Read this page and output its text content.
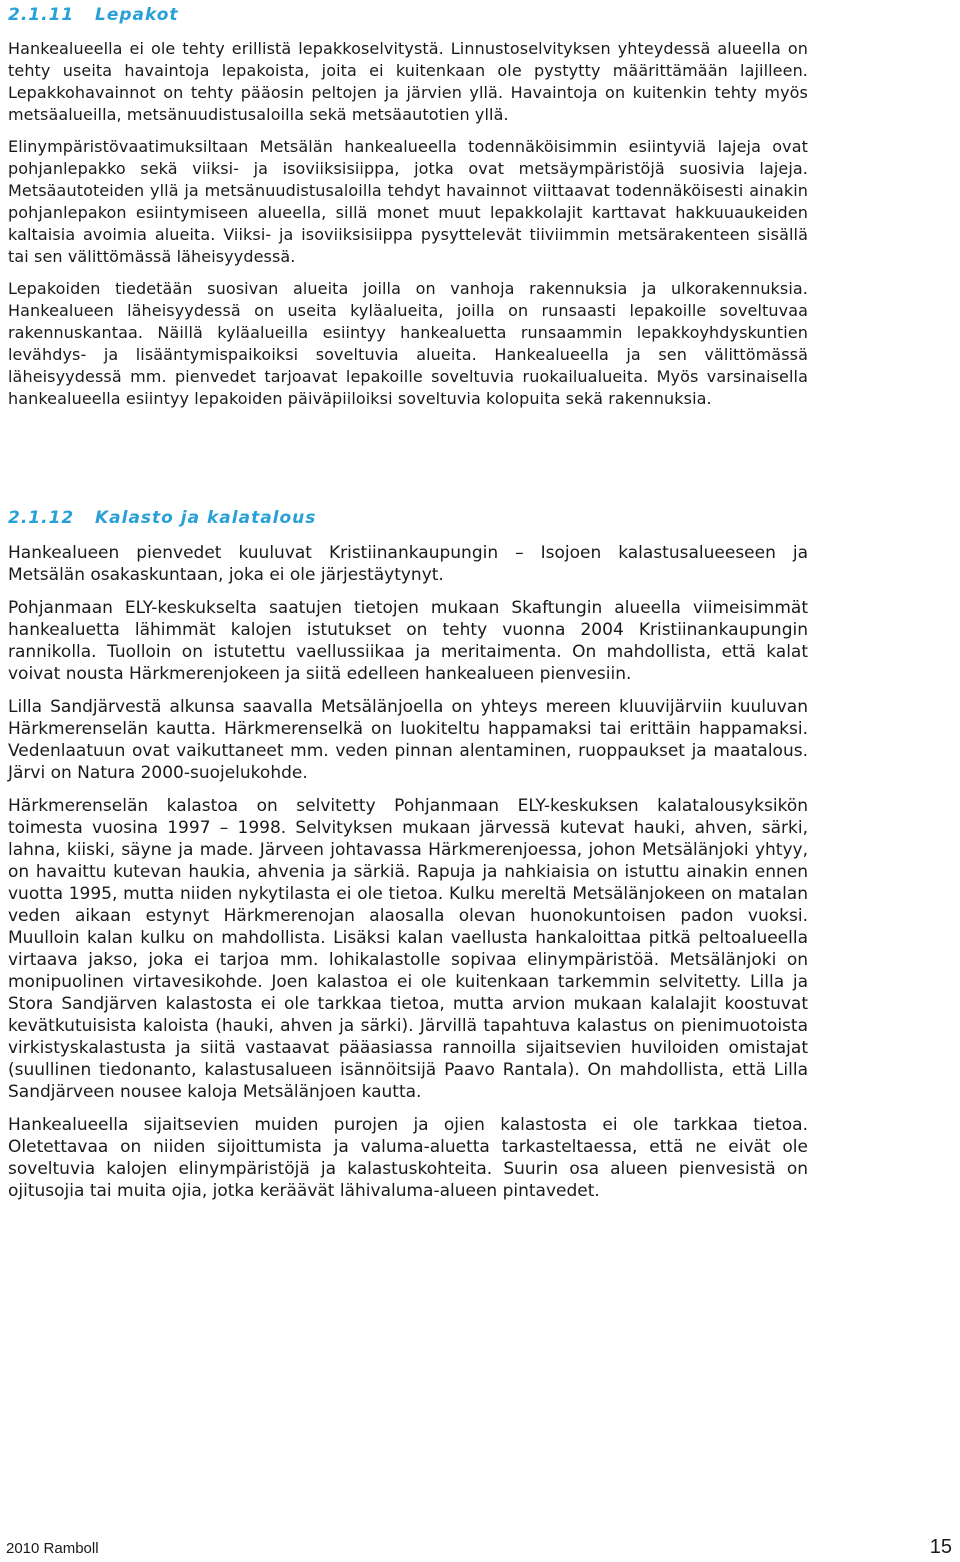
2.1.11   Lepakot

Hankealueella ei ole tehty erillistä lepakkoselvitystä. Linnustoselvityksen yhteydessä alueella on tehty useita havaintoja lepakoista, joita ei kuitenkaan ole pystytty määrittämään lajilleen. Lepakkohavainnot on tehty pääosin peltojen ja järvien yllä. Havaintoja on kuitenkin tehty myös metsäalueilla, metsänuudistusaloilla sekä metsäautotien yllä.

Elinympäristövaatimuksiltaan Metsälän hankealueella todennäköisimmin esiintyviä lajeja ovat pohjanlepakko sekä viiksi- ja isoviiksisiippa, jotka ovat metsäympäristöjä suosivia lajeja. Metsäautoteiden yllä ja metsänuudistusaloilla tehdyt havainnot viittaavat todennäköisesti ainakin pohjanlepakon esiintymiseen alueella, sillä monet muut lepakkolajit karttavat hakkuuaukeiden kaltaisia avoimia alueita. Viiksi- ja isoviiksisiippa pysyttelevät tiiviimmin metsärakenteen sisällä tai sen välittömässä läheisyydessä.

Lepakoiden tiedetään suosivan alueita joilla on vanhoja rakennuksia ja ulkorakennuksia. Hankealueen läheisyydessä on useita kyläalueita, joilla on runsaasti lepakoille soveltuvaa rakennuskantaa. Näillä kyläalueilla esiintyy hankealuetta runsaammin lepakkoyhdyskuntien levähdys- ja lisääntymispaikoiksi soveltuvia alueita. Hankealueella ja sen välittömässä läheisyydessä mm. pienvedet tarjoavat lepakoille soveltuvia ruokailualueita. Myös varsinaisella hankealueella esiintyy lepakoiden päiväpiiloiksi soveltuvia kolopuita sekä rakennuksia.

2.1.12   Kalasto ja kalatalous

Hankealueen pienvedet kuuluvat Kristiinankaupungin – Isojoen kalastusalueeseen ja Metsälän osakaskuntaan, joka ei ole järjestäytynyt.

Pohjanmaan ELY-keskukselta saatujen tietojen mukaan Skaftungin alueella viimeisimmät hankealuetta lähimmät kalojen istutukset on tehty vuonna 2004 Kristiinankaupungin rannikolla. Tuolloin on istutettu vaellussiikaa ja meritaimenta. On mahdollista, että kalat voivat nousta Härkmerenjokeen ja siitä edelleen hankealueen pienvesiin.

Lilla Sandjärvestä alkunsa saavalla Metsälänjoella on yhteys mereen kluuvijärviin kuuluvan Härkmerenselän kautta. Härkmerenselkä on luokiteltu happamaksi tai erittäin happamaksi. Vedenlaatuun ovat vaikuttaneet mm. veden pinnan alentaminen, ruoppaukset ja maatalous. Järvi on Natura 2000-suojelukohde.

Härkmerenselän kalastoa on selvitetty Pohjanmaan ELY-keskuksen kalatalousyksikön toimesta vuosina 1997 – 1998. Selvityksen mukaan järvessä kutevat hauki, ahven, särki, lahna, kiiski, säyne ja made. Järveen johtavassa Härkmerenjoessa, johon Metsälänjoki yhtyy, on havaittu kutevan haukia, ahvenia ja särkiä. Rapuja ja nahkiaisia on istuttu ainakin ennen vuotta 1995, mutta niiden nykytilasta ei ole tietoa. Kulku mereltä Metsälänjokeen on matalan veden aikaan estynyt Härkmerenojan alaosalla olevan huonokuntoisen padon vuoksi. Muulloin kalan kulku on mahdollista. Lisäksi kalan vaellusta hankaloittaa pitkä peltoalueella virtaava jakso, joka ei tarjoa mm. lohikalastolle sopivaa elinympäristöä. Metsälänjoki on monipuolinen virtavesikohde. Joen kalastoa ei ole kuitenkaan tarkemmin selvitetty. Lilla ja Stora Sandjärven kalastosta ei ole tarkkaa tietoa, mutta arvion mukaan kalalajit koostuvat kevätkutuisista kaloista (hauki, ahven ja särki). Järvillä tapahtuva kalastus on pienimuotoista virkistyskalastusta ja siitä vastaavat pääasiassa rannoilla sijaitsevien huviloiden omistajat (suullinen tiedonanto, kalastusalueen isännöitsijä Paavo Rantala). On mahdollista, että Lilla Sandjärveen nousee kaloja Metsälänjoen kautta.

Hankealueella sijaitsevien muiden purojen ja ojien kalastosta ei ole tarkkaa tietoa. Oletettavaa on niiden sijoittumista ja valuma-aluetta tarkasteltaessa, että ne eivät ole soveltuvia kalojen elinympäristöjä ja kalastuskohteita. Suurin osa alueen pienvesistä on ojitusojia tai muita ojia, jotka keräävät lähivaluma-alueen pintavedet.

2010 Ramboll	15
